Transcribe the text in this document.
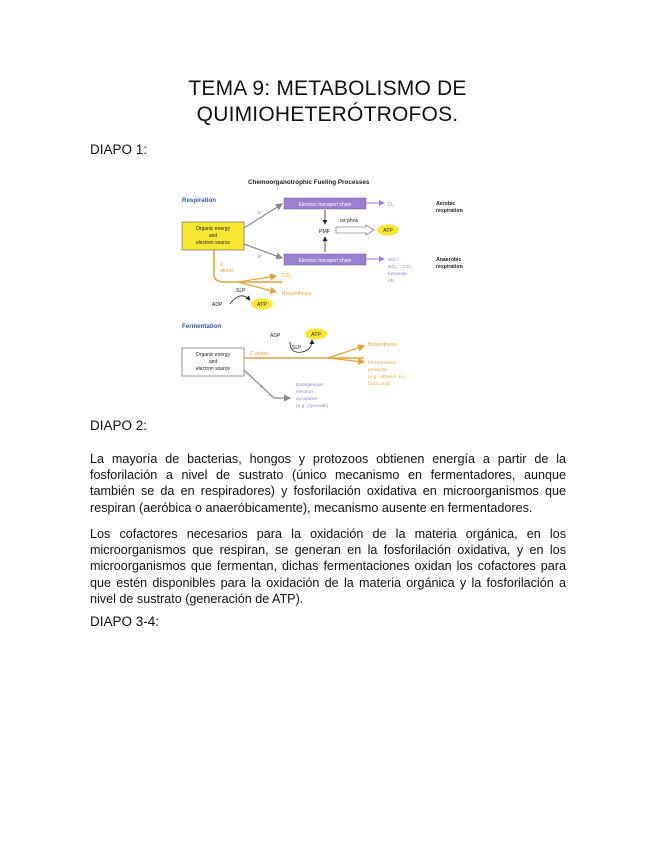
TEMA 9: METABOLISMO DE
QUIMIOHETERÓTROFOS.
DIAPO 1:
Chemoorganotrophic Fueling Processes
Respiration
Organic energy
and
electron source
e⁻
e⁻
Electron transport chain	O₂	Aerobic
respiration
PMF
ox phos
ATP
Electron transport chain	SO₄²⁻,
NO₃⁻, CO₂,
fumarate,
etc.
Anaerobic
respiration
C
atoms
CO₂
Biosynthesis
SLP
ADP	ATP
Fermentation
ADP	ATP
SLP
Organic energy
and
electron source
C atoms
Biosynthesis
Fermentation
products
(e.g., ethanol, H₂,
lactic acid)
e⁻	Endogenous
electron
acceptors
(e.g., pyruvate)
DIAPO 2:
La mayoría de bacterias, hongos y protozoos obtienen energía a partir de la fosforilación a nivel de sustrato (único mecanismo en fermentadores, aunque también se da en respiradores) y fosforilación oxidativa en microorganismos que respiran (aeróbica o anaeróbicamente), mecanismo ausente en fermentadores.
Los cofactores necesarios para la oxidación de la materia orgánica, en los microorganismos que respiran, se generan en la fosforilación oxidativa, y en los microorganismos que fermentan, dichas fermentaciones oxidan los cofactores para que estén disponibles para la oxidación de la materia orgánica y la fosforilación a nivel de sustrato (generación de ATP).
DIAPO 3-4:
